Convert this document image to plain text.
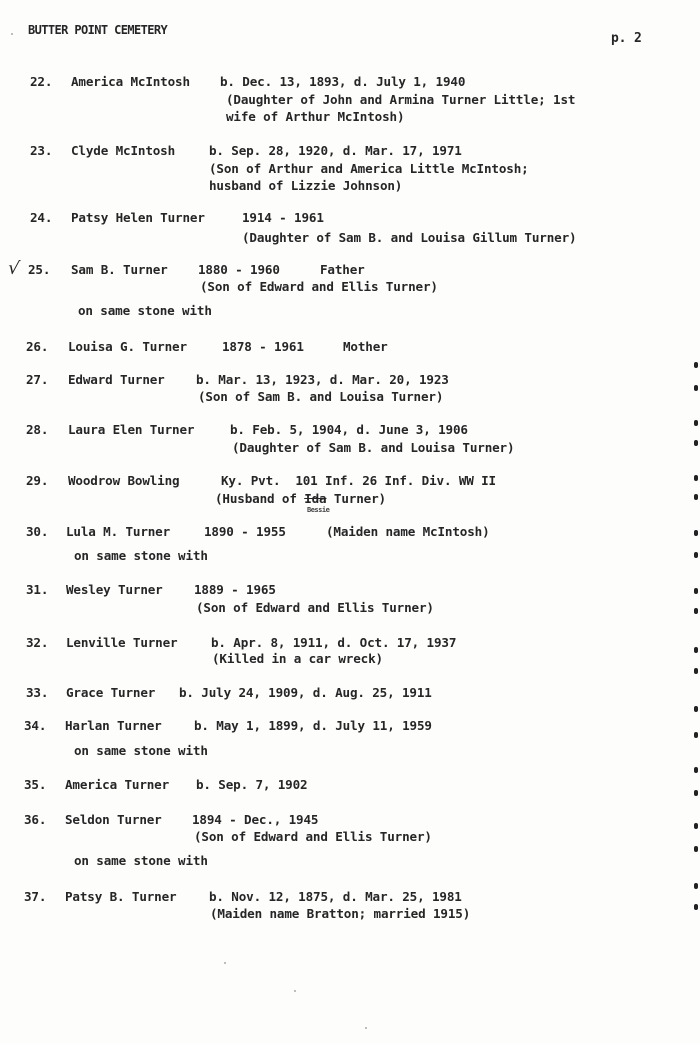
BUTTER POINT CEMETERY
p. 2
22. America McIntosh b. Dec. 13, 1893, d. July 1, 1940
(Daughter of John and Armina Turner Little; 1st
wife of Arthur McIntosh)
23. Clyde McIntosh	b. Sep. 28, 1920, d. Mar. 17, 1971
(Son of Arthur and America Little McIntosh;
husband of Lizzie Johnson)
24. Patsy Helen Turner	1914 - 1961
(Daughter of Sam B. and Louisa Gillum Turner)
√ 25. Sam B. Turner 1880 - 1960	Father
(Son of Edward and Ellis Turner)
on same stone with
26. Louisa G. Turner	1878 - 1961	Mother
27. Edward Turner b. Mar. 13, 1923, d. Mar. 20, 1923
(Son of Sam B. and Louisa Turner)
28. Laura Elen Turner	b. Feb. 5, 1904, d. June 3, 1906
(Daughter of Sam B. and Louisa Turner)
29. Woodrow Bowling	Ky. Pvt.  101 Inf. 26 Inf. Div. WW II
(Husband of Ida Turner)
Bessie
30. Lula M. Turner	1890 - 1955	(Maiden name McIntosh)
on same stone with
31. Wesley Turner 1889 - 1965
(Son of Edward and Ellis Turner)
32. Lenville Turner	b. Apr. 8, 1911, d. Oct. 17, 1937
(Killed in a car wreck)
33. Grace Turner b. July 24, 1909, d. Aug. 25, 1911
34. Harlan Turner	b. May 1, 1899, d. July 11, 1959
on same stone with
35. America Turner b. Sep. 7, 1902
36. Seldon Turner 1894 - Dec., 1945
(Son of Edward and Ellis Turner)
on same stone with
37. Patsy B. Turner	b. Nov. 12, 1875, d. Mar. 25, 1981
(Maiden name Bratton; married 1915)
